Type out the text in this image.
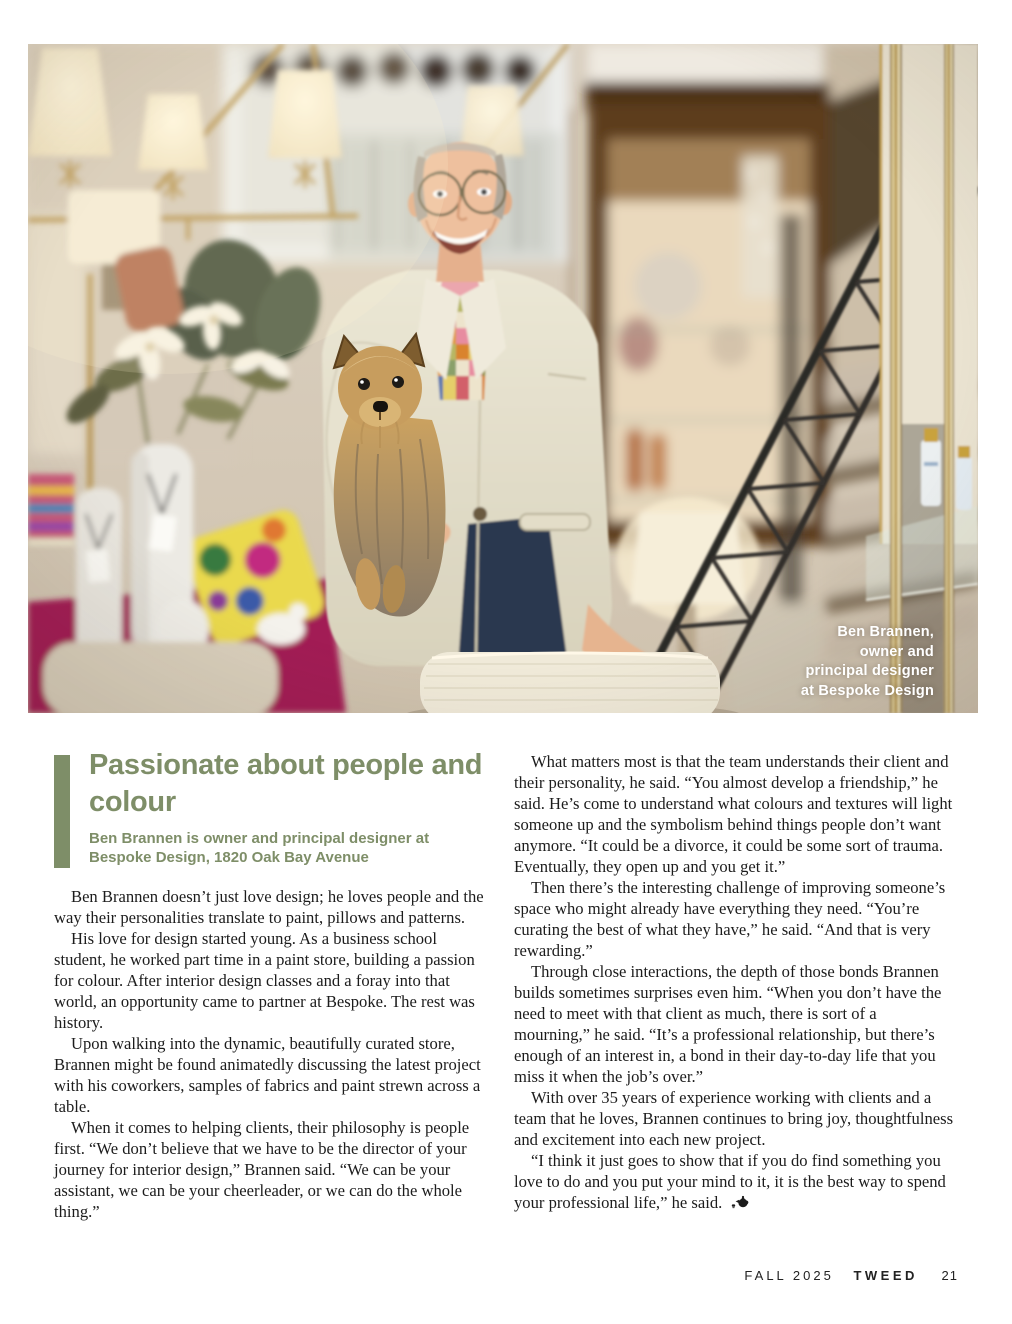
Ben Brannen,
owner and
principal designer
at Bespoke Design
Passionate about people and colour
Ben Brannen is owner and principal designer at Bespoke Design, 1820 Oak Bay Avenue

Ben Brannen doesn’t just love design; he loves people and the way their personalities translate to paint, pillows and patterns.

His love for design started young. As a business school student, he worked part time in a paint store, building a passion for colour. After interior design classes and a foray into that world, an opportunity came to partner at Bespoke. The rest was history.

Upon walking into the dynamic, beautifully curated store, Brannen might be found animatedly discussing the latest project with his coworkers, samples of fabrics and paint strewn across a table.

When it comes to helping clients, their philosophy is people first. “We don’t believe that we have to be the director of your journey for interior design,” Brannen said. “We can be your assistant, we can be your cheerleader, or we can do the whole thing.”

What matters most is that the team understands their client and their personality, he said. “You almost develop a friendship,” he said. He’s come to understand what colours and textures will light someone up and the symbolism behind things people don’t want anymore. “It could be a divorce, it could be some sort of trauma. Eventually, they open up and you get it.”

Then there’s the interesting challenge of improving someone’s space who might already have everything they need. “You’re curating the best of what they have,” he said. “And that is very rewarding.”

Through close interactions, the depth of those bonds Brannen builds sometimes surprises even him. “When you don’t have the need to meet with that client as much, there is sort of a mourning,” he said. “It’s a professional relationship, but there’s enough of an interest in, a bond in their day-to-day life that you miss it when the job’s over.”

With over 35 years of experience working with clients and a team that he loves, Brannen continues to bring joy, thoughtfulness and excitement into each new project.

“I think it just goes to show that if you do find something you love to do and you put your mind to it, it is the best way to spend your professional life,” he said.

FALL 2025 TWEED 21
